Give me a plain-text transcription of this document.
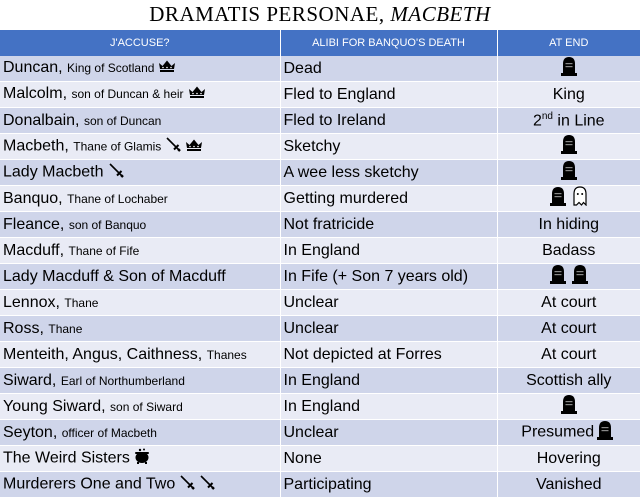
DRAMATIS PERSONAE, MACBETH
J'ACCUSE?	ALIBI FOR BANQUO'S DEATH	AT END
Duncan, King of Scotland	Dead	
Malcolm, son of Duncan & heir	Fled to England	King
Donalbain, son of Duncan	Fled to Ireland	2nd in Line
Macbeth, Thane of Glamis	Sketchy	
Lady Macbeth	A wee less sketchy	
Banquo, Thane of Lochaber	Getting murdered	
Fleance, son of Banquo	Not fratricide	In hiding
Macduff, Thane of Fife	In England	Badass
Lady Macduff & Son of Macduff	In Fife (+ Son 7 years old)	
Lennox, Thane	Unclear	At court
Ross, Thane	Unclear	At court
Menteith, Angus, Caithness, Thanes	Not depicted at Forres	At court
Siward, Earl of Northumberland	In England	Scottish ally
Young Siward, son of Siward	In England	
Seyton, officer of Macbeth	Unclear	Presumed
The Weird Sisters	None	Hovering
Murderers One and Two	Participating	Vanished
